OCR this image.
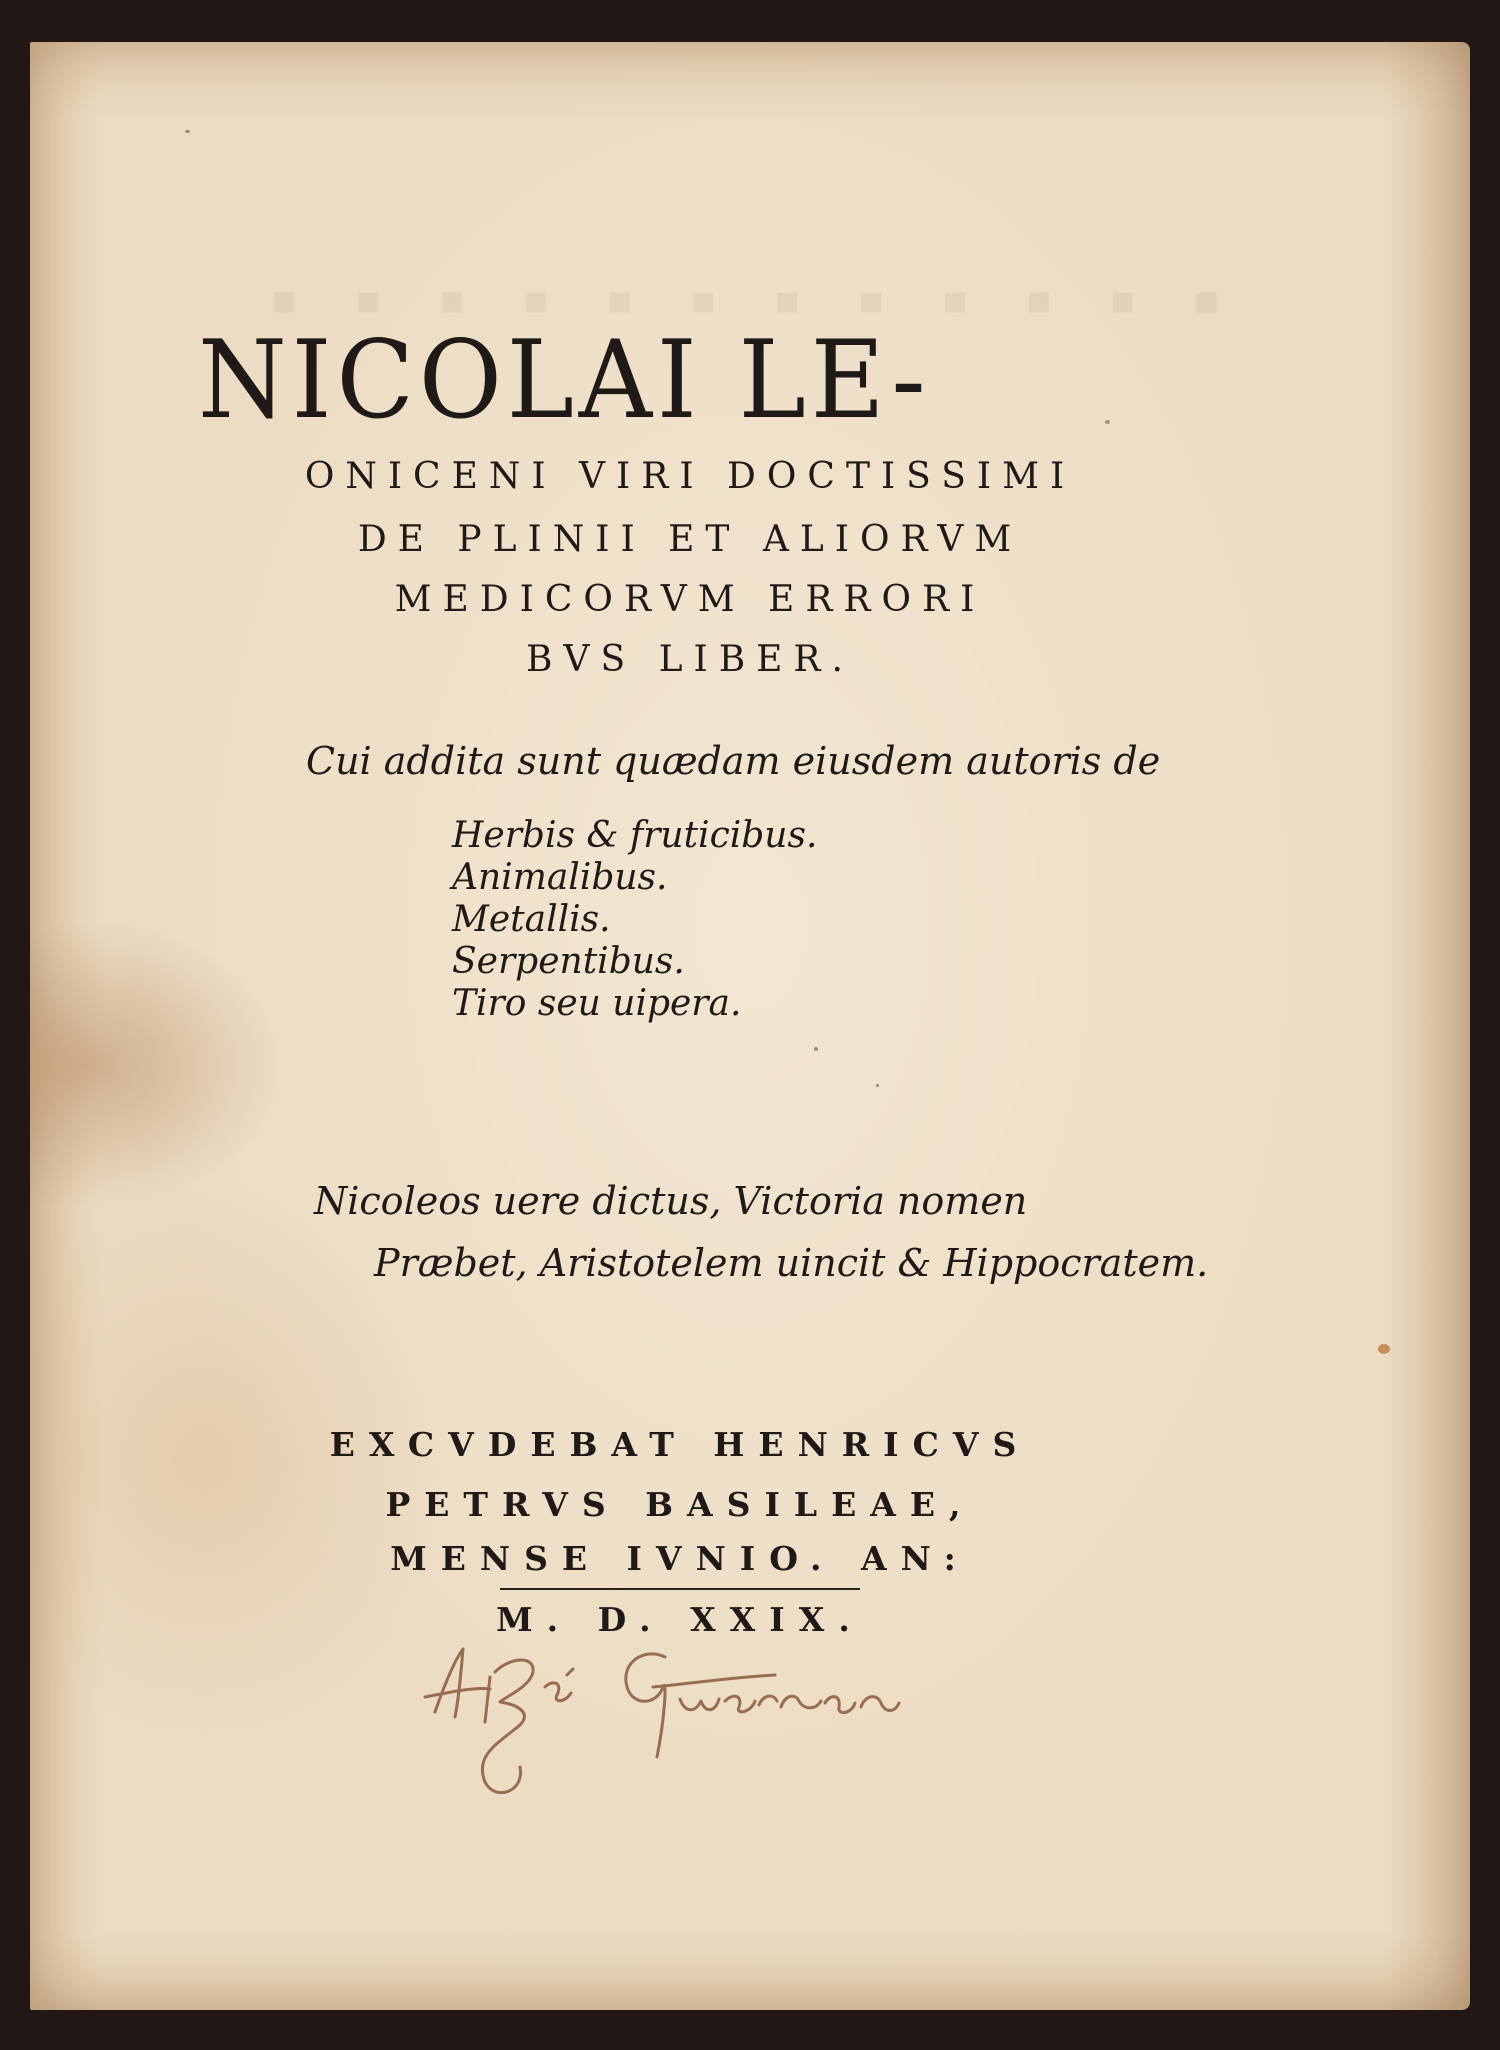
▪ ▪ ▪ ▪ ▪ ▪ ▪ ▪ ▪ ▪ ▪ ▪
NICOLAI LE-

ONICENI VIRI DOCTISSIMI

DE PLINII ET ALIORVM

MEDICORVM ERRORI

BVS LIBER.

Cui addita sunt quædam eiusdem autoris de

Herbis & fruticibus.
Animalibus.
Metallis.
Serpentibus.
Tiro seu uipera.

Nicoleos uere dictus, Victoria nomen

Præbet, Aristotelem uincit & Hippocratem.

EXCVDEBAT HENRICVS

PETRVS BASILEAE,

MENSE IVNIO. AN:

M. D. XXIX.
